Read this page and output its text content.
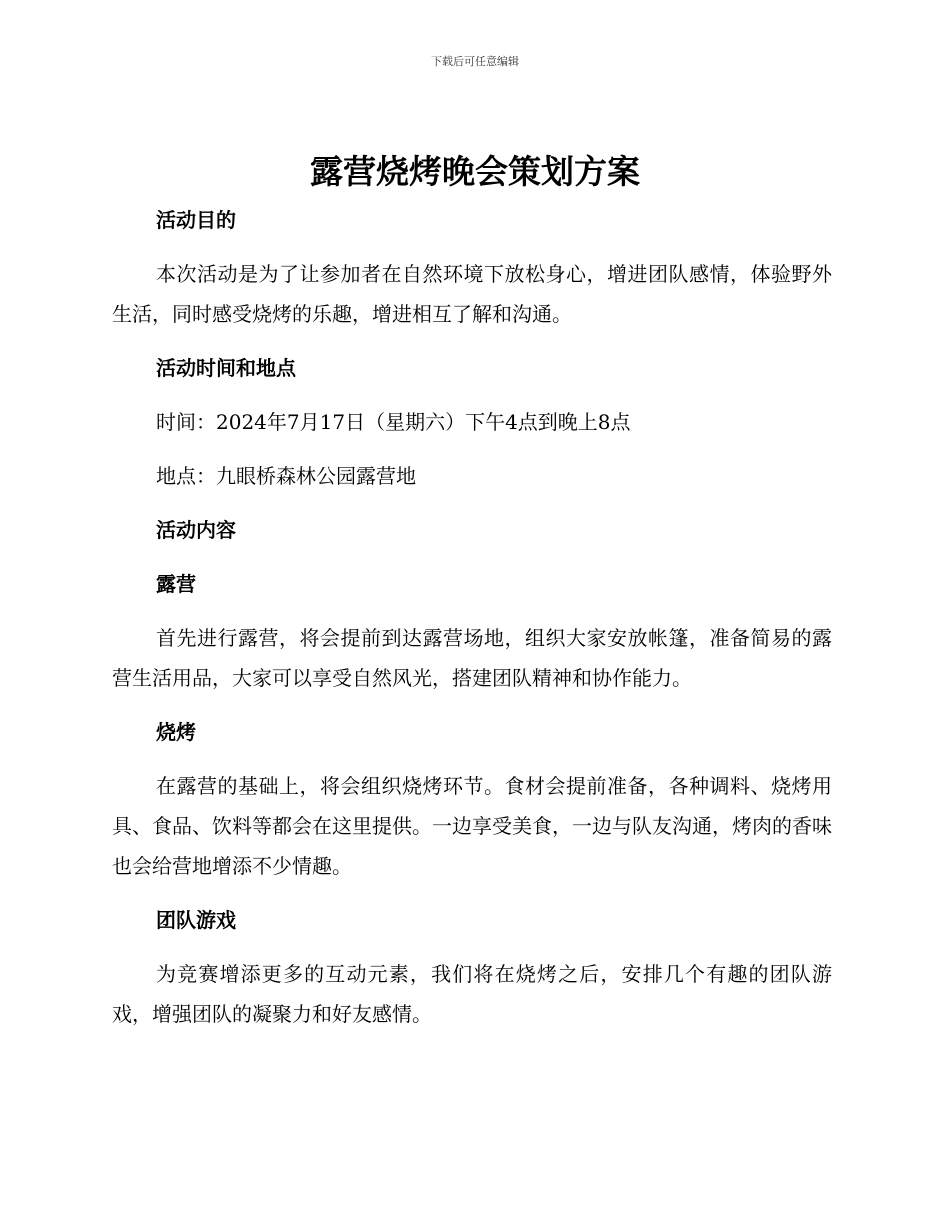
下载后可任意编辑
露营烧烤晚会策划方案
活动目的
本次活动是为了让参加者在自然环境下放松身心，增进团队感情，体验野外生活，同时感受烧烤的乐趣，增进相互了解和沟通。
活动时间和地点
时间：2024年7月17日（星期六）下午4点到晚上8点
地点：九眼桥森林公园露营地
活动内容
露营
首先进行露营，将会提前到达露营场地，组织大家安放帐篷，准备简易的露营生活用品，大家可以享受自然风光，搭建团队精神和协作能力。
烧烤
在露营的基础上，将会组织烧烤环节。食材会提前准备，各种调料、烧烤用具、食品、饮料等都会在这里提供。一边享受美食，一边与队友沟通，烤肉的香味也会给营地增添不少情趣。
团队游戏
为竞赛增添更多的互动元素，我们将在烧烤之后，安排几个有趣的团队游戏，增强团队的凝聚力和好友感情。
